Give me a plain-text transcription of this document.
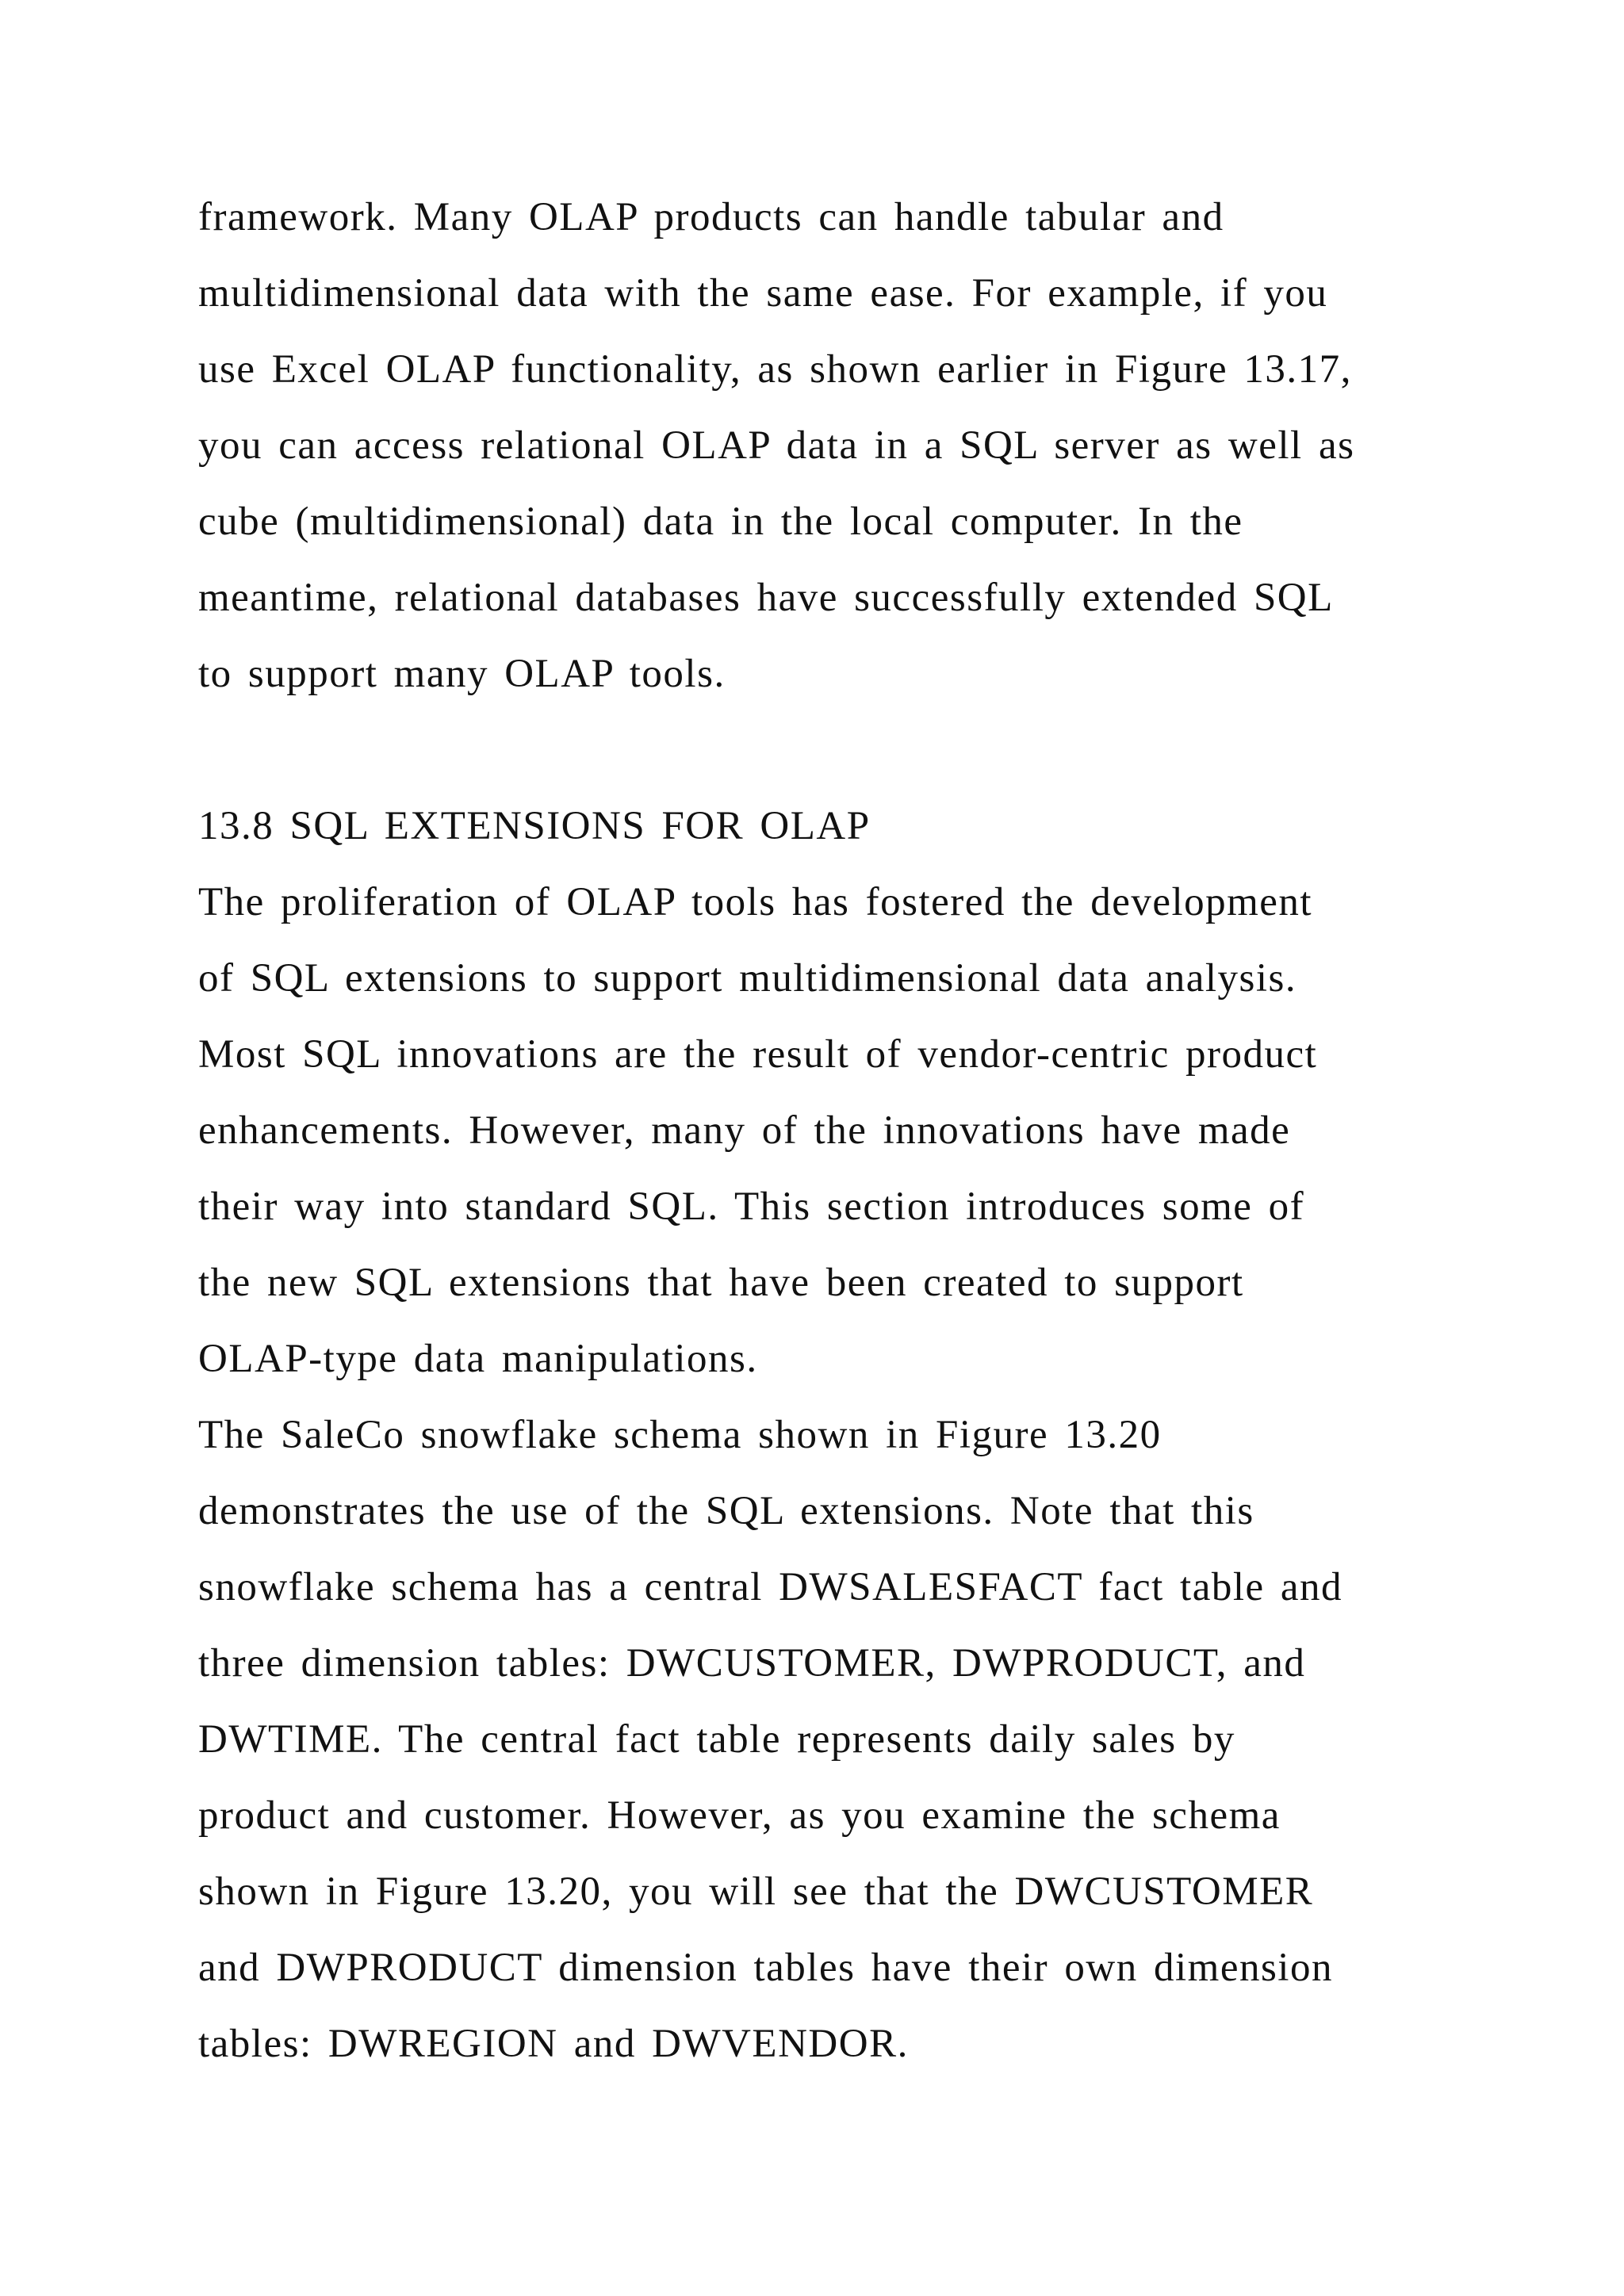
framework. Many OLAP products can handle tabular and
multidimensional data with the same ease. For example, if you
use Excel OLAP functionality, as shown earlier in Figure 13.17,
you can access relational OLAP data in a SQL server as well as
cube (multidimensional) data in the local computer. In the
meantime, relational databases have successfully extended SQL
to support many OLAP tools.
13.8 SQL EXTENSIONS FOR OLAP
The proliferation of OLAP tools has fostered the development
of SQL extensions to support multidimensional data analysis.
Most SQL innovations are the result of vendor-centric product
enhancements. However, many of the innovations have made
their way into standard SQL. This section introduces some of
the new SQL extensions that have been created to support
OLAP-type data manipulations.
The SaleCo snowflake schema shown in Figure 13.20
demonstrates the use of the SQL extensions. Note that this
snowflake schema has a central DWSALESFACT fact table and
three dimension tables: DWCUSTOMER, DWPRODUCT, and
DWTIME. The central fact table represents daily sales by
product and customer. However, as you examine the schema
shown in Figure 13.20, you will see that the DWCUSTOMER
and DWPRODUCT dimension tables have their own dimension
tables: DWREGION and DWVENDOR.
